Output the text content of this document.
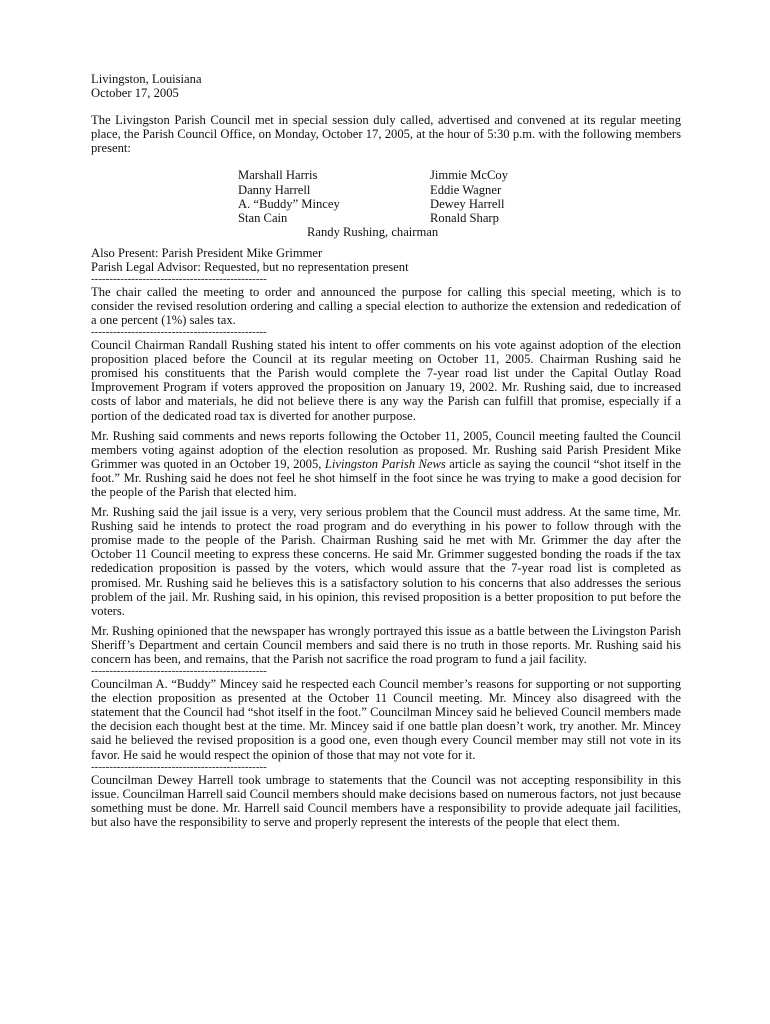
Livingston, Louisiana

October 17, 2005

The Livingston Parish Council met in special session duly called, advertised and convened at its regular meeting place, the Parish Council Office, on Monday, October 17, 2005, at the hour of 5:30 p.m. with the following members present:

Marshall Harris
Danny Harrell
A. “Buddy” Mincey
Stan Cain
Jimmie McCoy
Eddie Wagner
Dewey Harrell
Ronald Sharp

Randy Rushing, chairman

Also Present: Parish President Mike Grimmer

Parish Legal Advisor: Requested, but no representation present

------------------------------------------------

The chair called the meeting to order and announced the purpose for calling this special meeting, which is to consider the revised resolution ordering and calling a special election to authorize the extension and rededication of a one percent (1%) sales tax.

------------------------------------------------

Council Chairman Randall Rushing stated his intent to offer comments on his vote against adoption of the election proposition placed before the Council at its regular meeting on October 11, 2005. Chairman Rushing said he promised his constituents that the Parish would complete the 7-year road list under the Capital Outlay Road Improvement Program if voters approved the proposition on January 19, 2002. Mr. Rushing said, due to increased costs of labor and materials, he did not believe there is any way the Parish can fulfill that promise, especially if a portion of the dedicated road tax is diverted for another purpose.

Mr. Rushing said comments and news reports following the October 11, 2005, Council meeting faulted the Council members voting against adoption of the election resolution as proposed. Mr. Rushing said Parish President Mike Grimmer was quoted in an October 19, 2005, Livingston Parish News article as saying the council “shot itself in the foot.” Mr. Rushing said he does not feel he shot himself in the foot since he was trying to make a good decision for the people of the Parish that elected him.

Mr. Rushing said the jail issue is a very, very serious problem that the Council must address. At the same time, Mr. Rushing said he intends to protect the road program and do everything in his power to follow through with the promise made to the people of the Parish. Chairman Rushing said he met with Mr. Grimmer the day after the October 11 Council meeting to express these concerns. He said Mr. Grimmer suggested bonding the roads if the tax rededication proposition is passed by the voters, which would assure that the 7-year road list is completed as promised. Mr. Rushing said he believes this is a satisfactory solution to his concerns that also addresses the serious problem of the jail. Mr. Rushing said, in his opinion, this revised proposition is a better proposition to put before the voters.

Mr. Rushing opinioned that the newspaper has wrongly portrayed this issue as a battle between the Livingston Parish Sheriff’s Department and certain Council members and said there is no truth in those reports. Mr. Rushing said his concern has been, and remains, that the Parish not sacrifice the road program to fund a jail facility.

------------------------------------------------

Councilman A. “Buddy” Mincey said he respected each Council member’s reasons for supporting or not supporting the election proposition as presented at the October 11 Council meeting. Mr. Mincey also disagreed with the statement that the Council had “shot itself in the foot.” Councilman Mincey said he believed Council members made the decision each thought best at the time. Mr. Mincey said if one battle plan doesn’t work, try another. Mr. Mincey said he believed the revised proposition is a good one, even though every Council member may still not vote in its favor. He said he would respect the opinion of those that may not vote for it.

------------------------------------------------

Councilman Dewey Harrell took umbrage to statements that the Council was not accepting responsibility in this issue. Councilman Harrell said Council members should make decisions based on numerous factors, not just because something must be done. Mr. Harrell said Council members have a responsibility to provide adequate jail facilities, but also have the responsibility to serve and properly represent the interests of the people that elect them.
